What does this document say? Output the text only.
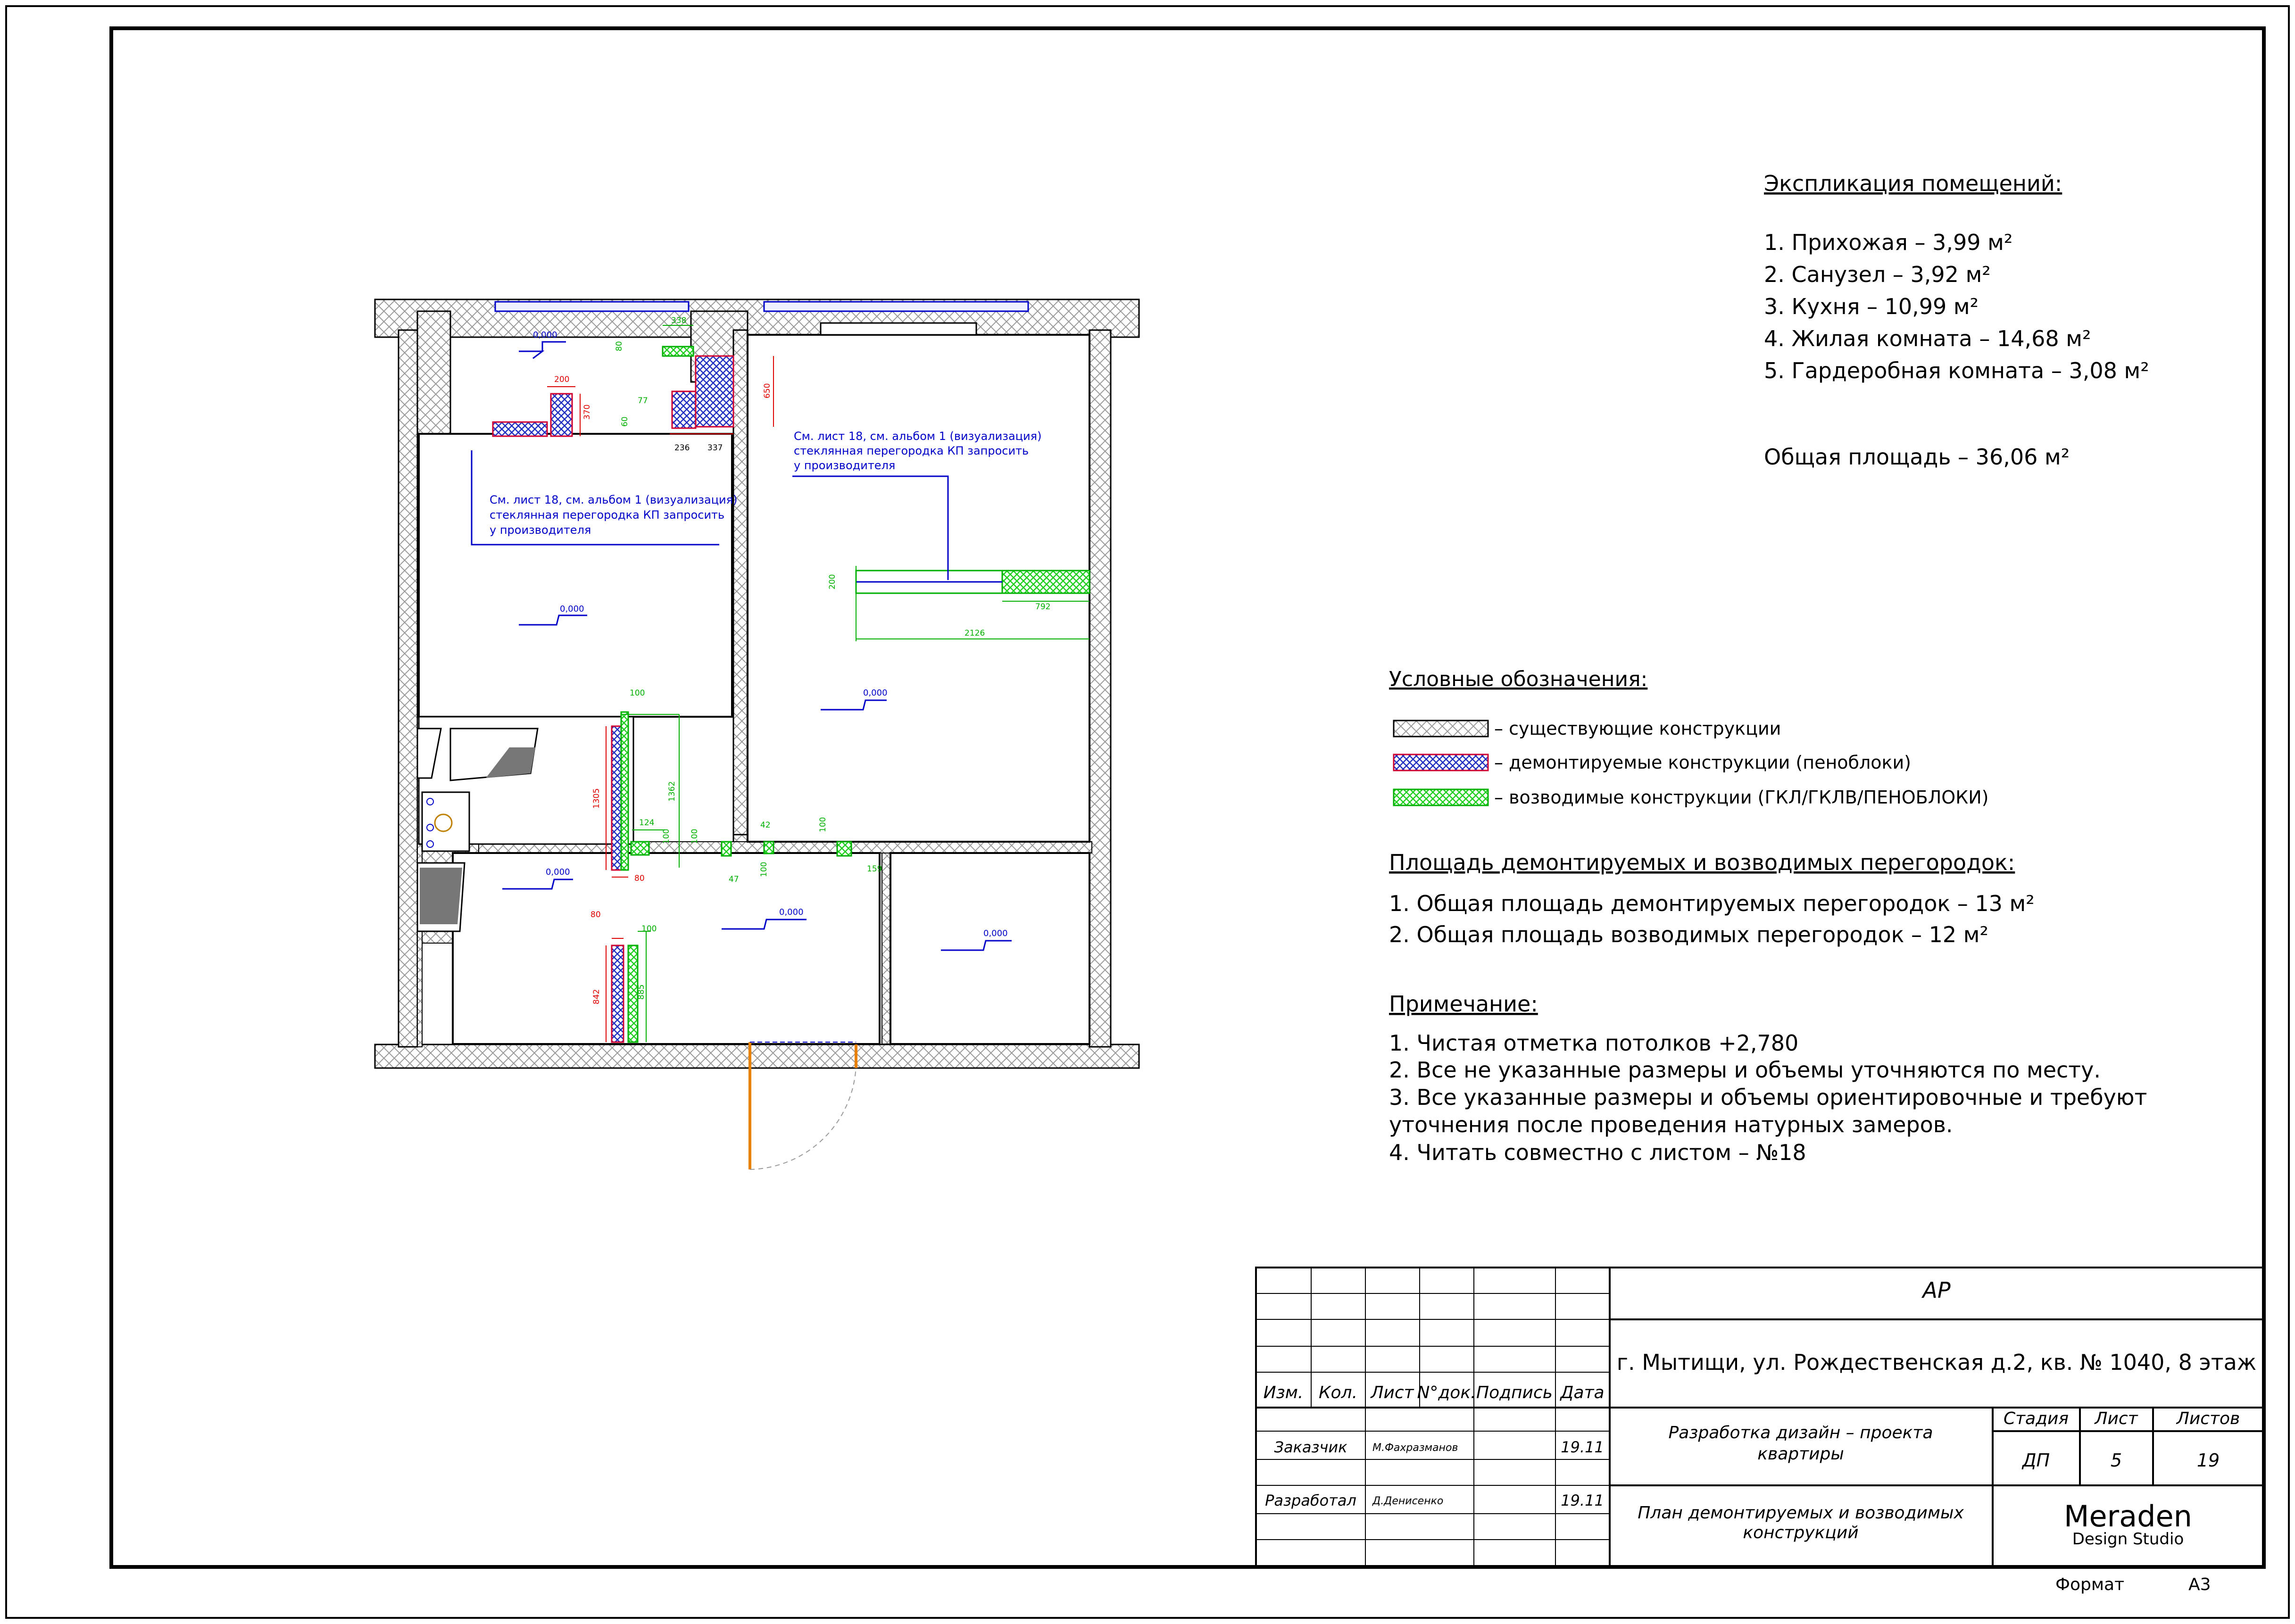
0,000
0,000
0,000
0,000
0,000
0,000
См. лист 18, см. альбом 1 (визуализация)
стеклянная перегородка КП запросить
у производителя
См. лист 18, см. альбом 1 (визуализация)
стеклянная перегородка КП запросить
у производителя
200
370
338
80
77
60
236 337
650
200
792
2126
100
1305	1362
124
100
80
100
47
42
100
100
159
80
100
842	885
Экспликация помещений:
1. Прихожая – 3,99 м²
2. Санузел – 3,92 м²
3. Кухня – 10,99 м²
4. Жилая комната – 14,68 м²
5. Гардеробная комната – 3,08 м²
Общая площадь – 36,06 м²
Условные обозначения:
– существующие конструкции
– демонтируемые конструкции (пеноблоки)
– возводимые конструкции (ГКЛ/ГКЛВ/ПЕНОБЛОКИ)
Площадь демонтируемых и возводимых перегородок:
1. Общая площадь демонтируемых перегородок – 13 м²
2. Общая площадь возводимых перегородок – 12 м²
Примечание:
1. Чистая отметка потолков +2,780
2. Все не указанные размеры и объемы уточняются по месту.
3. Все указанные размеры и объемы ориентировочные и требуют
уточнения после проведения натурных замеров.
4. Читать совместно с листом – №18
Изм. Кол. Лист N°док. Подпись Дата
Заказчик М.Фахразманов	19.11
Разработал Д.Денисенко	19.11
АР
г. Мытищи, ул. Рождественская д.2, кв. № 1040, 8 этаж
Разработка дизайн – проекта
квартиры
План демонтируемых и возводимых
конструкций
Стадия Лист Листов
ДП	5	19
Meraden
Design Studio
Формат	А3
